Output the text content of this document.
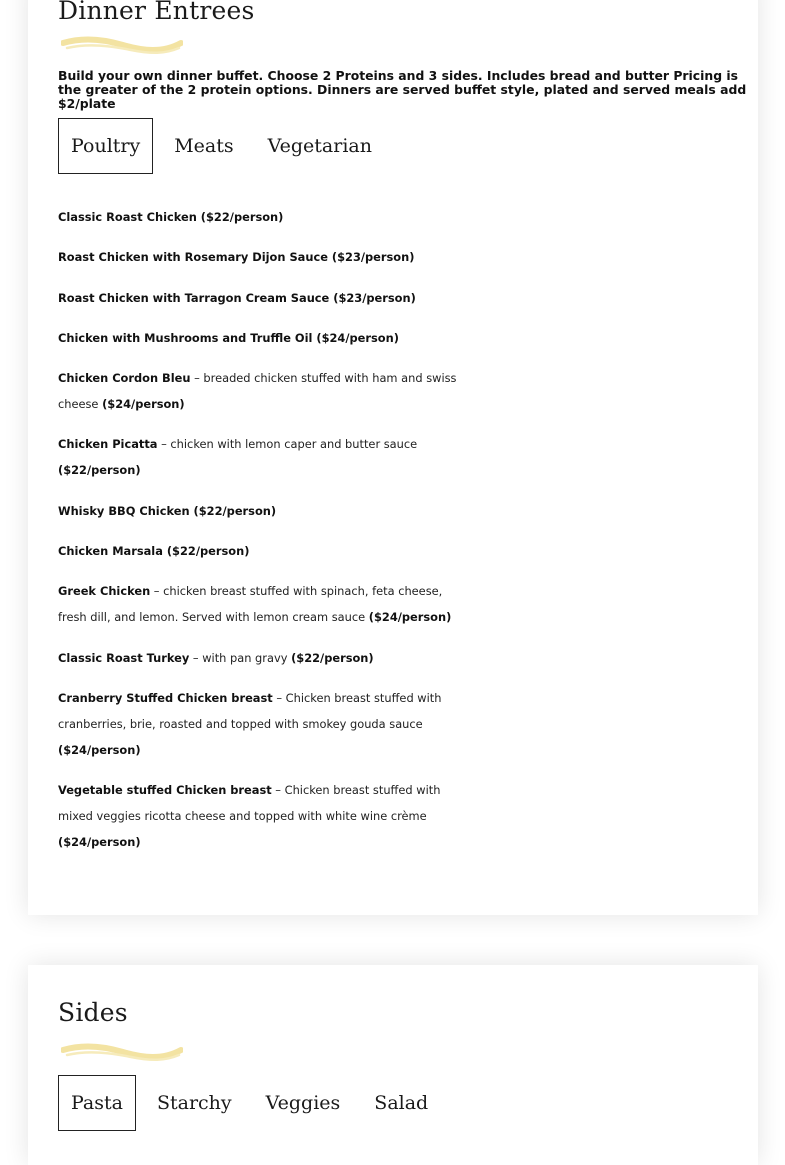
Dinner Entrees

Build your own dinner buffet. Choose 2 Proteins and 3 sides. Includes bread and butter Pricing is the greater of the 2 protein options. Dinners are served buffet style, plated and served meals add $2/plate

Poultry	Meats	Vegetarian
Classic Roast Chicken ($22/person)
Roast Chicken with Rosemary Dijon Sauce ($23/person)
Roast Chicken with Tarragon Cream Sauce ($23/person)
Chicken with Mushrooms and Truffle Oil ($24/person)
Chicken Cordon Bleu – breaded chicken stuffed with ham and swiss cheese ($24/person)
Chicken Picatta – chicken with lemon caper and butter sauce ($22/person)
Whisky BBQ Chicken ($22/person)
Chicken Marsala ($22/person)
Greek Chicken – chicken breast stuffed with spinach, feta cheese, fresh dill, and lemon. Served with lemon cream sauce ($24/person)
Classic Roast Turkey – with pan gravy ($22/person)
Cranberry Stuffed Chicken breast – Chicken breast stuffed with cranberries, brie, roasted and topped with smokey gouda sauce ($24/person)
Vegetable stuffed Chicken breast – Chicken breast stuffed with mixed veggies ricotta cheese and topped with white wine crème ($24/person)
Sides
Pasta	Starchy	Veggies	Salad
